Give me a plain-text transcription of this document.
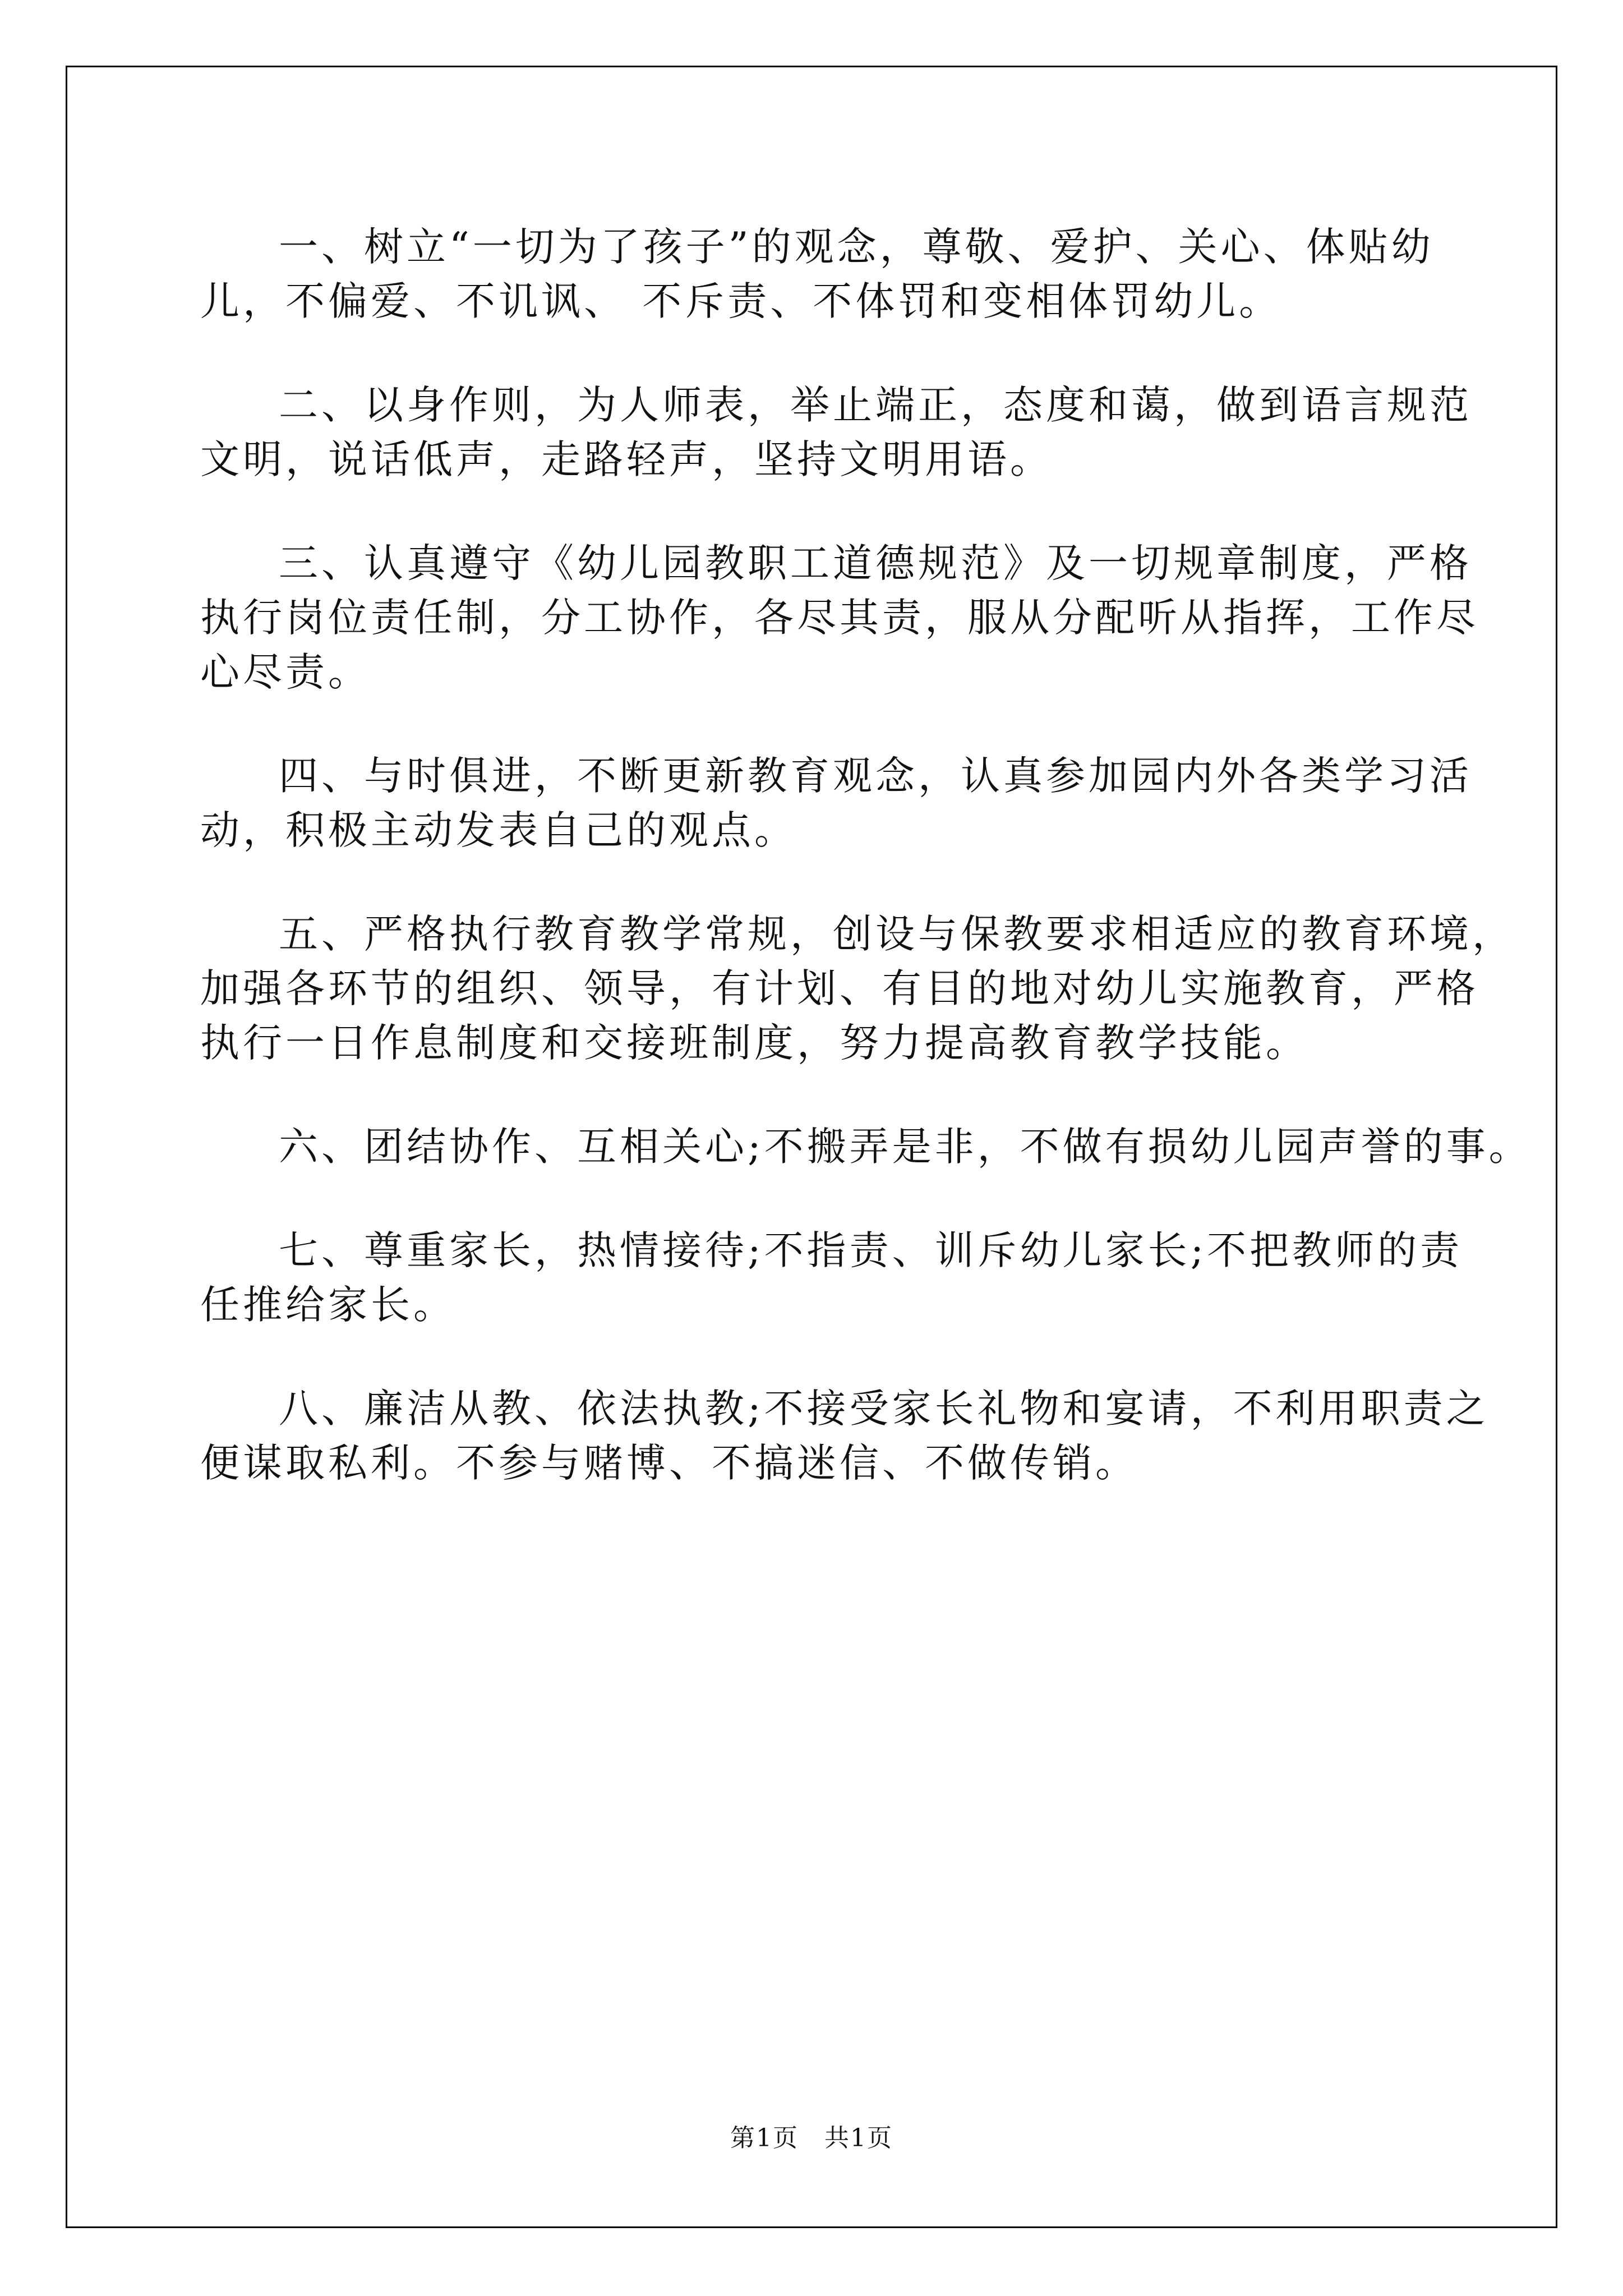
一、树立“一切为了孩子”的观念，尊敬、爱护、关心、体贴幼
儿，不偏爱、不讥讽、 不斥责、不体罚和变相体罚幼儿。
二、以身作则，为人师表，举止端正，态度和蔼，做到语言规范
文明，说话低声，走路轻声，坚持文明用语。
三、认真遵守《幼儿园教职工道德规范》及一切规章制度，严格
执行岗位责任制，分工协作，各尽其责，服从分配听从指挥，工作尽
心尽责。
四、与时俱进，不断更新教育观念，认真参加园内外各类学习活
动，积极主动发表自己的观点。
五、严格执行教育教学常规，创设与保教要求相适应的教育环境，
加强各环节的组织、领导，有计划、有目的地对幼儿实施教育，严格
执行一日作息制度和交接班制度，努力提高教育教学技能。
六、团结协作、互相关心;不搬弄是非，不做有损幼儿园声誉的事。
七、尊重家长，热情接待;不指责、训斥幼儿家长;不把教师的责
任推给家长。
八、廉洁从教、依法执教;不接受家长礼物和宴请，不利用职责之
便谋取私利。不参与赌博、不搞迷信、不做传销。
第1页　共1页
